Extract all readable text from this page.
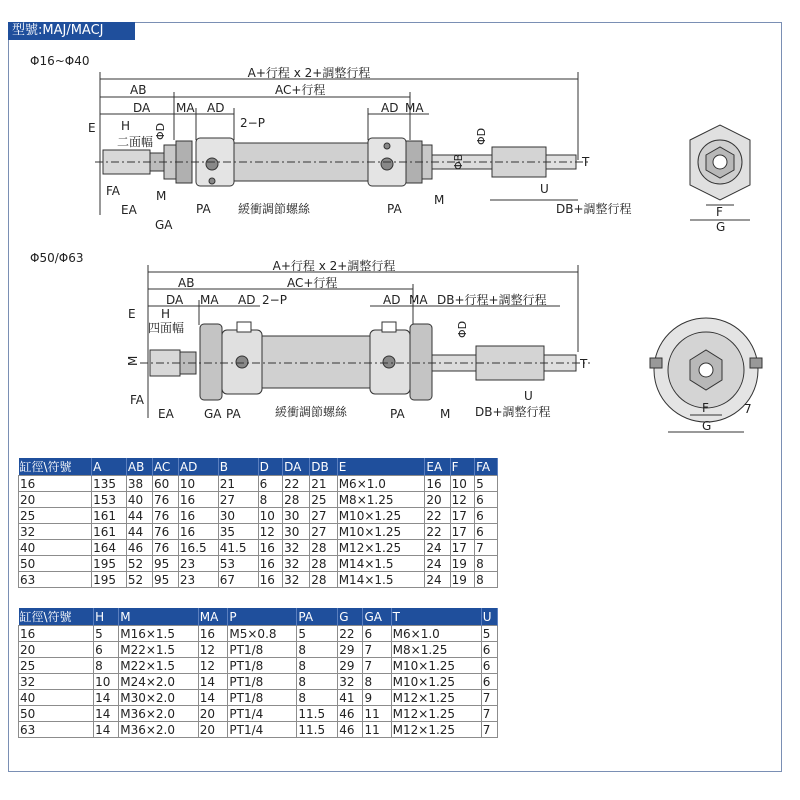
型號:MAJ/MACJ
Φ16~Φ40
Φ50/Φ63
A+行程 x 2+調整行程
AB	AC+行程
DA MA AD	AD MA
E H
二面幅
2−P
ΦD	ΦD
ΦB	T
FA	M
GA
EA	PA 緩衝調節螺絲	PA
M
U
DB+調整行程	F
G
A+行程 x 2+調整行程
AB	AC+行程
DA MA AD	AD MA DB+行程+調整行程
E H
四面幅
2−P
ΦD
M	T
FA
EA	GA PA	緩衝調節螺絲	PA	M
U
DB+調整行程	F
G
7
缸徑\符號	A	AB	AC	AD	B	D	DA	DB	E	EA	F	FA
16	135	38	60	10	21	6	22	21	M6×1.0	16	10	5
20	153	40	76	16	27	8	28	25	M8×1.25	20	12	6
25	161	44	76	16	30	10	30	27	M10×1.25	22	17	6
32	161	44	76	16	35	12	30	27	M10×1.25	22	17	6
40	164	46	76	16.5	41.5	16	32	28	M12×1.25	24	17	7
50	195	52	95	23	53	16	32	28	M14×1.5	24	19	8
63	195	52	95	23	67	16	32	28	M14×1.5	24	19	8
缸徑\符號	H	M	MA	P	PA	G	GA	T	U
16	5	M16×1.5	16	M5×0.8	5	22	6	M6×1.0	5
20	6	M22×1.5	12	PT1/8	8	29	7	M8×1.25	6
25	8	M22×1.5	12	PT1/8	8	29	7	M10×1.25	6
32	10	M24×2.0	14	PT1/8	8	32	8	M10×1.25	6
40	14	M30×2.0	14	PT1/8	8	41	9	M12×1.25	7
50	14	M36×2.0	20	PT1/4	11.5	46	11	M12×1.25	7
63	14	M36×2.0	20	PT1/4	11.5	46	11	M12×1.25	7
